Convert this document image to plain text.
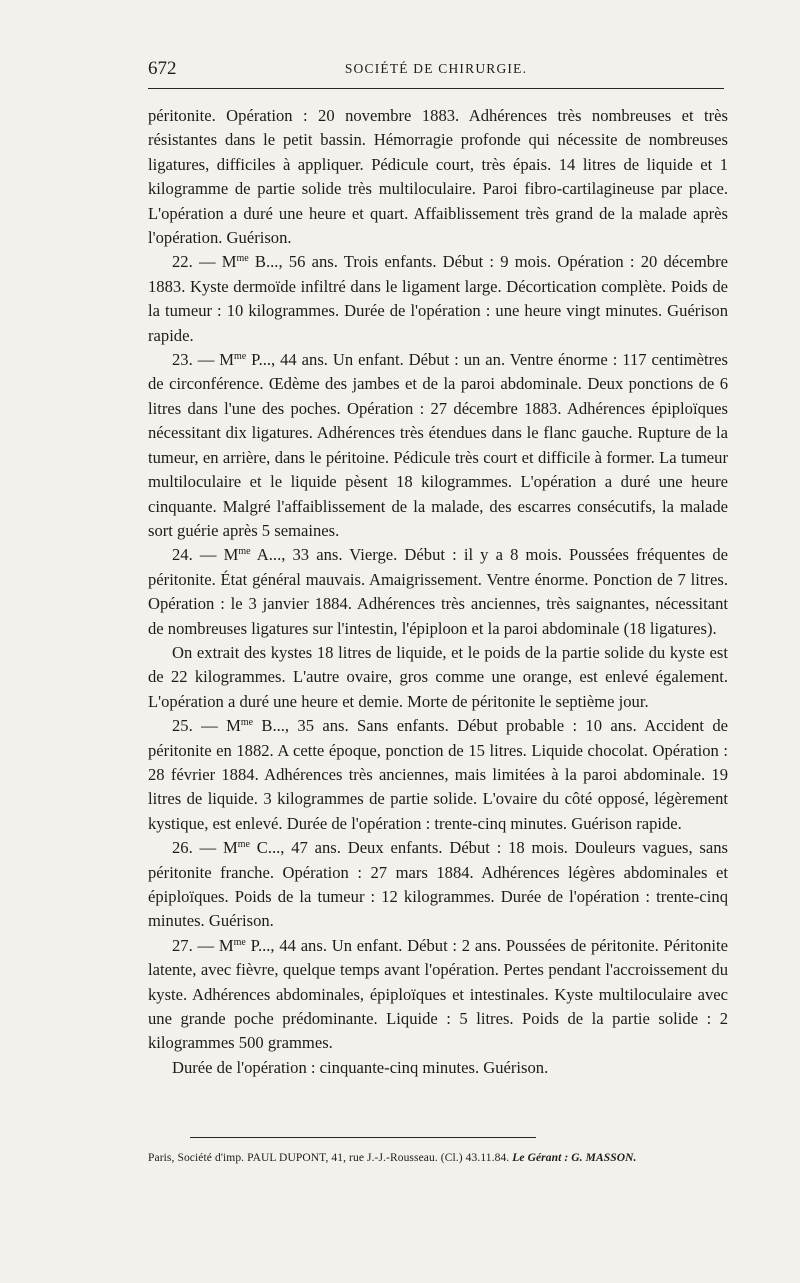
672	SOCIÉTÉ DE CHIRURGIE.

péritonite. Opération : 20 novembre 1883. Adhérences très nombreuses et très résistantes dans le petit bassin. Hémorragie profonde qui nécessite de nombreuses ligatures, difficiles à appliquer. Pédicule court, très épais. 14 litres de liquide et 1 kilogramme de partie solide très multiloculaire. Paroi fibro-cartilagineuse par place. L'opération a duré une heure et quart. Affaiblissement très grand de la malade après l'opération. Guérison.

22. — $M^{me}$ B..., 56 ans. Trois enfants. Début : 9 mois. Opération : 20 décembre 1883. Kyste dermoïde infiltré dans le ligament large. Décortication complète. Poids de la tumeur : 10 kilogrammes. Durée de l'opération : une heure vingt minutes. Guérison rapide.

23. — $M^{me}$ P..., 44 ans. Un enfant. Début : un an. Ventre énorme : 117 centimètres de circonférence. Œdème des jambes et de la paroi abdominale. Deux ponctions de 6 litres dans l'une des poches. Opération : 27 décembre 1883. Adhérences épiploïques nécessitant dix ligatures. Adhérences très étendues dans le flanc gauche. Rupture de la tumeur, en arrière, dans le péritoine. Pédicule très court et difficile à former. La tumeur multiloculaire et le liquide pèsent 18 kilogrammes. L'opération a duré une heure cinquante. Malgré l'affaiblissement de la malade, des escarres consécutifs, la malade sort guérie après 5 semaines.

24. — $M^{me}$ A..., 33 ans. Vierge. Début : il y a 8 mois. Poussées fréquentes de péritonite. État général mauvais. Amaigrissement. Ventre énorme. Ponction de 7 litres. Opération : le 3 janvier 1884. Adhérences très anciennes, très saignantes, nécessitant de nombreuses ligatures sur l'intestin, l'épiploon et la paroi abdominale (18 ligatures).

On extrait des kystes 18 litres de liquide, et le poids de la partie solide du kyste est de 22 kilogrammes. L'autre ovaire, gros comme une orange, est enlevé également. L'opération a duré une heure et demie. Morte de péritonite le septième jour.

25. — $M^{me}$ B..., 35 ans. Sans enfants. Début probable : 10 ans. Accident de péritonite en 1882. A cette époque, ponction de 15 litres. Liquide chocolat. Opération : 28 février 1884. Adhérences très anciennes, mais limitées à la paroi abdominale. 19 litres de liquide. 3 kilogrammes de partie solide. L'ovaire du côté opposé, légèrement kystique, est enlevé. Durée de l'opération : trente-cinq minutes. Guérison rapide.

26. — $M^{me}$ C..., 47 ans. Deux enfants. Début : 18 mois. Douleurs vagues, sans péritonite franche. Opération : 27 mars 1884. Adhérences légères abdominales et épiploïques. Poids de la tumeur : 12 kilogrammes. Durée de l'opération : trente-cinq minutes. Guérison.

27. — $M^{me}$ P..., 44 ans. Un enfant. Début : 2 ans. Poussées de péritonite. Péritonite latente, avec fièvre, quelque temps avant l'opération. Pertes pendant l'accroissement du kyste. Adhérences abdominales, épiploïques et intestinales. Kyste multiloculaire avec une grande poche prédominante. Liquide : 5 litres. Poids de la partie solide : 2 kilogrammes 500 grammes.

Durée de l'opération : cinquante-cinq minutes. Guérison.

Paris, Société d'imp. PAUL DUPONT, 41, rue J.-J.-Rousseau. (Cl.) 43.11.84. Le Gérant : G. MASSON.
